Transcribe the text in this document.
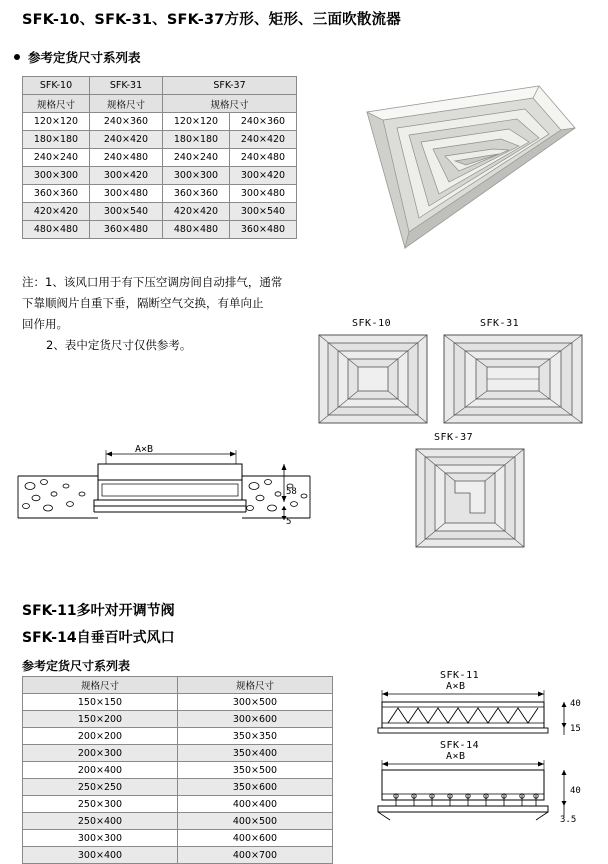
SFK-10、SFK-31、SFK-37方形、矩形、三面吹散流器
参考定货尺寸系列表
SFK-10	SFK-31	SFK-37	
规格尺寸	规格尺寸	规格尺寸	
120×120	240×360	120×120	240×360
180×180	240×420	180×180	240×420
240×240	240×480	240×240	240×480
300×300	300×420	300×300	300×420
360×360	300×480	360×360	300×480
420×420	300×540	420×420	300×540
480×480	360×480	480×480	360×480

注：1、该风口用于有下压空调房间自动排气，通常

下靠顺阀片自重下垂，隔断空气交换，有单向止

回作用。

2、表中定货尺寸仅供参考。

SFK-10	SFK-31
SFK-37
A×B
58
5
SFK-11多叶对开调节阀
SFK-14自垂百叶式风口
参考定货尺寸系列表
规格尺寸	规格尺寸
150×150	300×500
150×200	300×600
200×200	350×350
200×300	350×400
200×400	350×500
250×250	350×600
250×300	400×400
250×400	400×500
300×300	400×600
300×400	400×700
SFK-11
A×B
40
15
SFK-14
A×B
40
3.5
